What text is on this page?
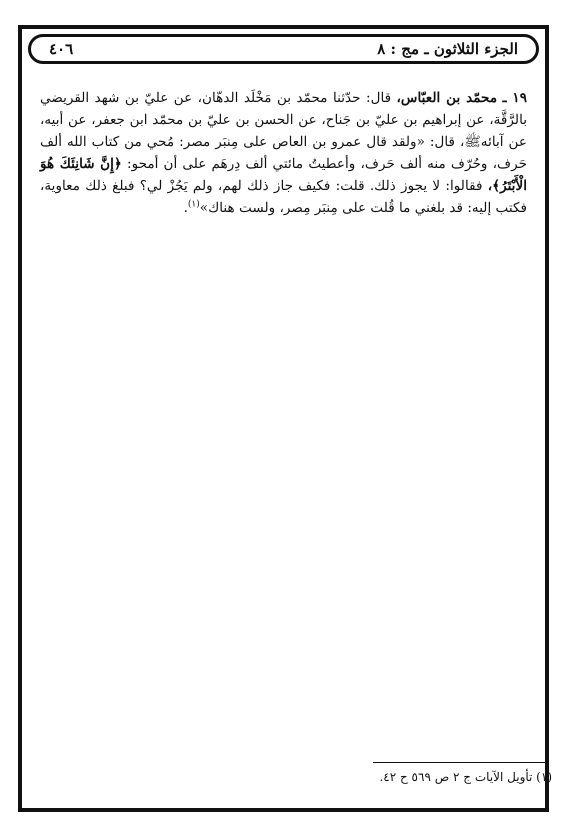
الجزء الثلاثون ـ مج : ٨
٤٠٦

١٩ ـ محمّد بن العبّاس، قال: حدّثنا محمّد بن مَخْلَد الدهّان، عن عليّ بن شهد القريضي بالرَّقَّة، عن إبراهيم بن عليّ بن جَناح، عن الحسن بن عليّ بن محمّد ابن جعفر، عن أبيه، عن آبائهﷺ، قال: «ولقد قال عمرو بن العاص على مِنبَر مصر: مُحي من كتاب الله ألف حَرف، وحُرّف منه ألف حَرف، وأعطيتُ مائتي ألف دِرهَم على أن أمحو: ﴿إِنَّ شَانِئَكَ هُوَ الْأَبْتَرُ﴾، فقالوا: لا يجوز ذلك. قلت: فكيف جاز ذلك لهم، ولم يَجُزْ لي؟ فبلغ ذلك معاوية، فكتب إليه: قد بلغني ما قُلت على مِنبَر مِصر، ولست هناك»$^{(١)}$.

(١) تأويل الآيات ج ٢ ص ٥٦٩ ح ٤٢.
